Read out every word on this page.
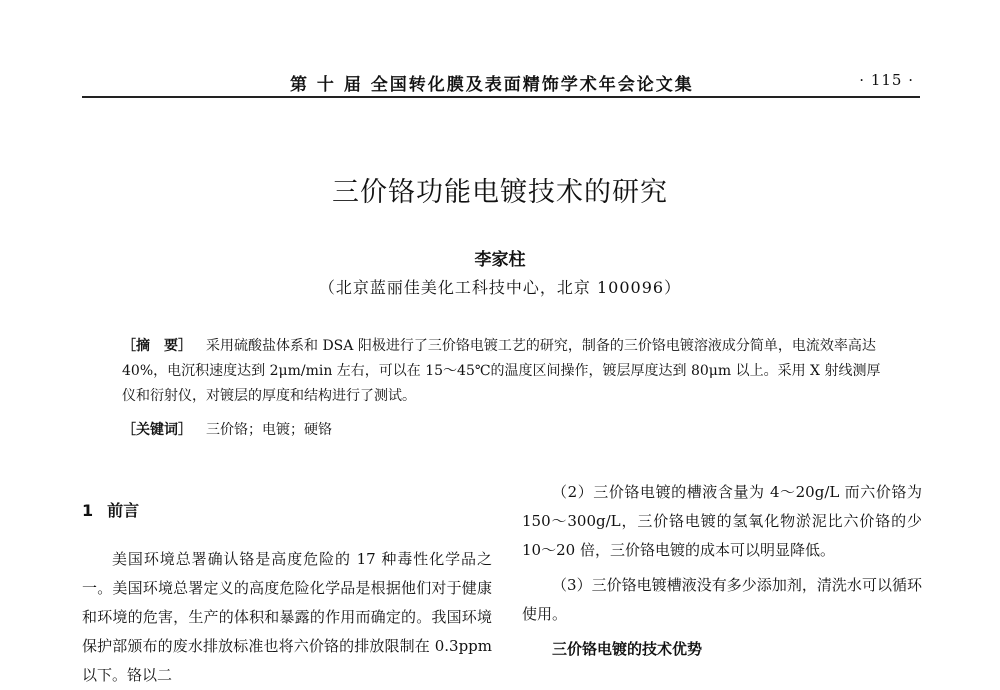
第 十 届 全国转化膜及表面精饰学术年会论文集	· 115 ·
三价铬功能电镀技术的研究
李家柱
（北京蓝丽佳美化工科技中心，北京 100096）

［摘　要］ 采用硫酸盐体系和 DSA 阳极进行了三价铬电镀工艺的研究，制备的三价铬电镀溶液成分简单，电流效率高达 40%，电沉积速度达到 2μm/min 左右，可以在 15～45℃的温度区间操作，镀层厚度达到 80μm 以上。采用 X 射线测厚仪和衍射仪，对镀层的厚度和结构进行了测试。

［关键词］ 三价铬；电镀；硬铬
1 前言

美国环境总署确认铬是高度危险的 17 种毒性化学品之一。美国环境总署定义的高度危险化学品是根据他们对于健康和环境的危害，生产的体积和暴露的作用而确定的。我国环境保护部颁布的废水排放标准也将六价铬的排放限制在 0.3ppm 以下。铬以二

（2）三价铬电镀的槽液含量为 4～20g/L 而六价铬为 150～300g/L，三价铬电镀的氢氧化物淤泥比六价铬的少 10～20 倍，三价铬电镀的成本可以明显降低。

（3）三价铬电镀槽液没有多少添加剂，清洗水可以循环使用。

三价铬电镀的技术优势
